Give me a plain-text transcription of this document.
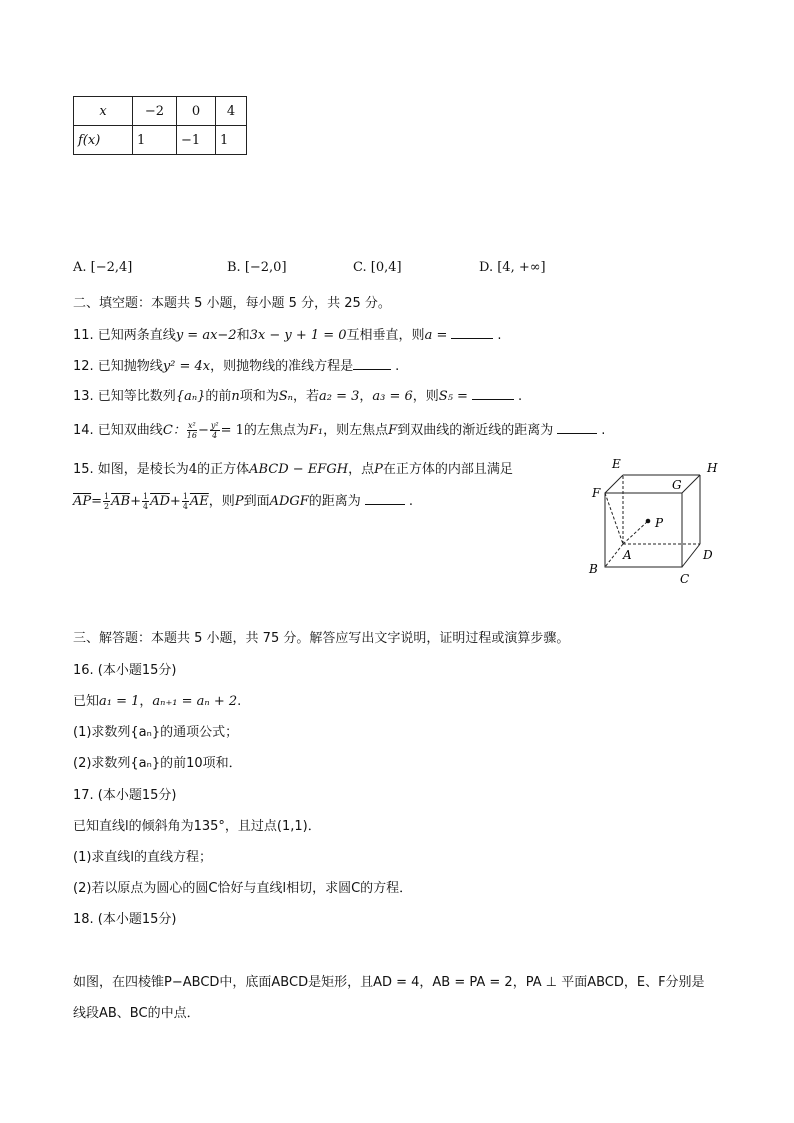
x	−2	0	4
f(x)	1	−1	1
A. [−2,4]	B. [−2,0]	C. [0,4]	D. [4, +∞]
二、填空题：本题共 5 小题，每小题 5 分，共 25 分。
11. 已知两条直线y = ax−2和3x − y + 1 = 0互相垂直，则a =	.
12. 已知抛物线y² = 4x，则抛物线的准线方程是	.
13. 已知等比数列{aₙ}的前n项和为Sₙ，若a₂ = 3，a₃ = 6，则S₅ =	.
14. 已知双曲线C： $\frac{\text{x²}}{16} - \frac{\text{y²}}{4} = 1$的左焦点为F₁，则左焦点F到双曲线的渐近线的距离为	.
15. 如图，是棱长为4的正方体ABCD − EFGH，点P在正方体的内部且满足
$\overline{AP}= \frac{1}{2} \overline{AB}+ \frac{1}{4} \overline{AD}+ \frac{1}{4} \overline{AE}$，则P到面ADGF的距离为	.
E	H
F
G
P
A	D
B
C
三、解答题：本题共 5 小题，共 75 分。解答应写出文字说明，证明过程或演算步骤。
16. (本小题15分)
已知a₁ = 1，aₙ₊₁ = aₙ + 2.
(1)求数列{aₙ}的通项公式；
(2)求数列{aₙ}的前10项和．
17. (本小题15分)
已知直线l的倾斜角为135°，且过点(1,1)．
(1)求直线l的直线方程；
(2)若以原点为圆心的圆C恰好与直线l相切，求圆C的方程．
18. (本小题15分)
如图，在四棱锥P−ABCD中，底面ABCD是矩形，且AD = 4，AB = PA = 2，PA ⊥ 平面ABCD，E、F分别是
线段AB、BC的中点．
